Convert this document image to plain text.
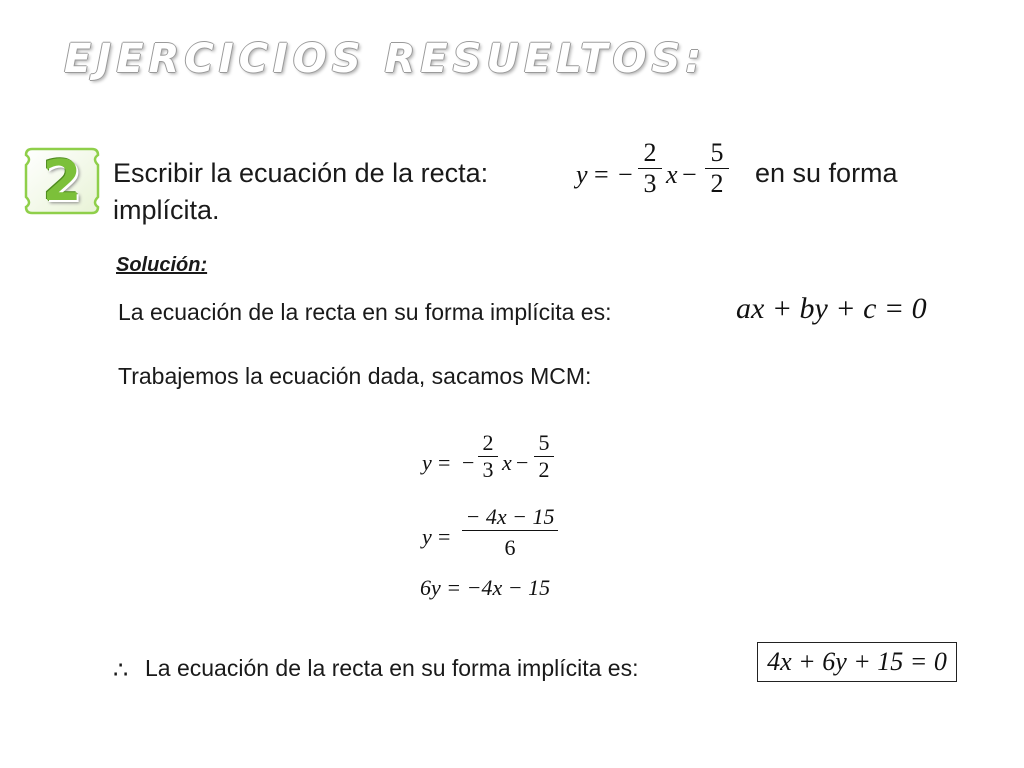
EJERCICIOS RESUELTOS:
2	Escribir la ecuación de la recta:
implícita.
en su forma
y = − $\frac{2}{3}$ $x - \frac{5}{2}$
Solución:
La ecuación de la recta en su forma implícita es:	ax + by + c = 0
Trabajemos la ecuación dada, sacamos MCM:
y = − $\frac{2}{3}$ $x - \frac{5}{2}$
$y = \frac{- 4x - 15}{6}$
6y = −4x − 15
∴ La ecuación de la recta en su forma implícita es:	4x + 6y + 15 = 0
